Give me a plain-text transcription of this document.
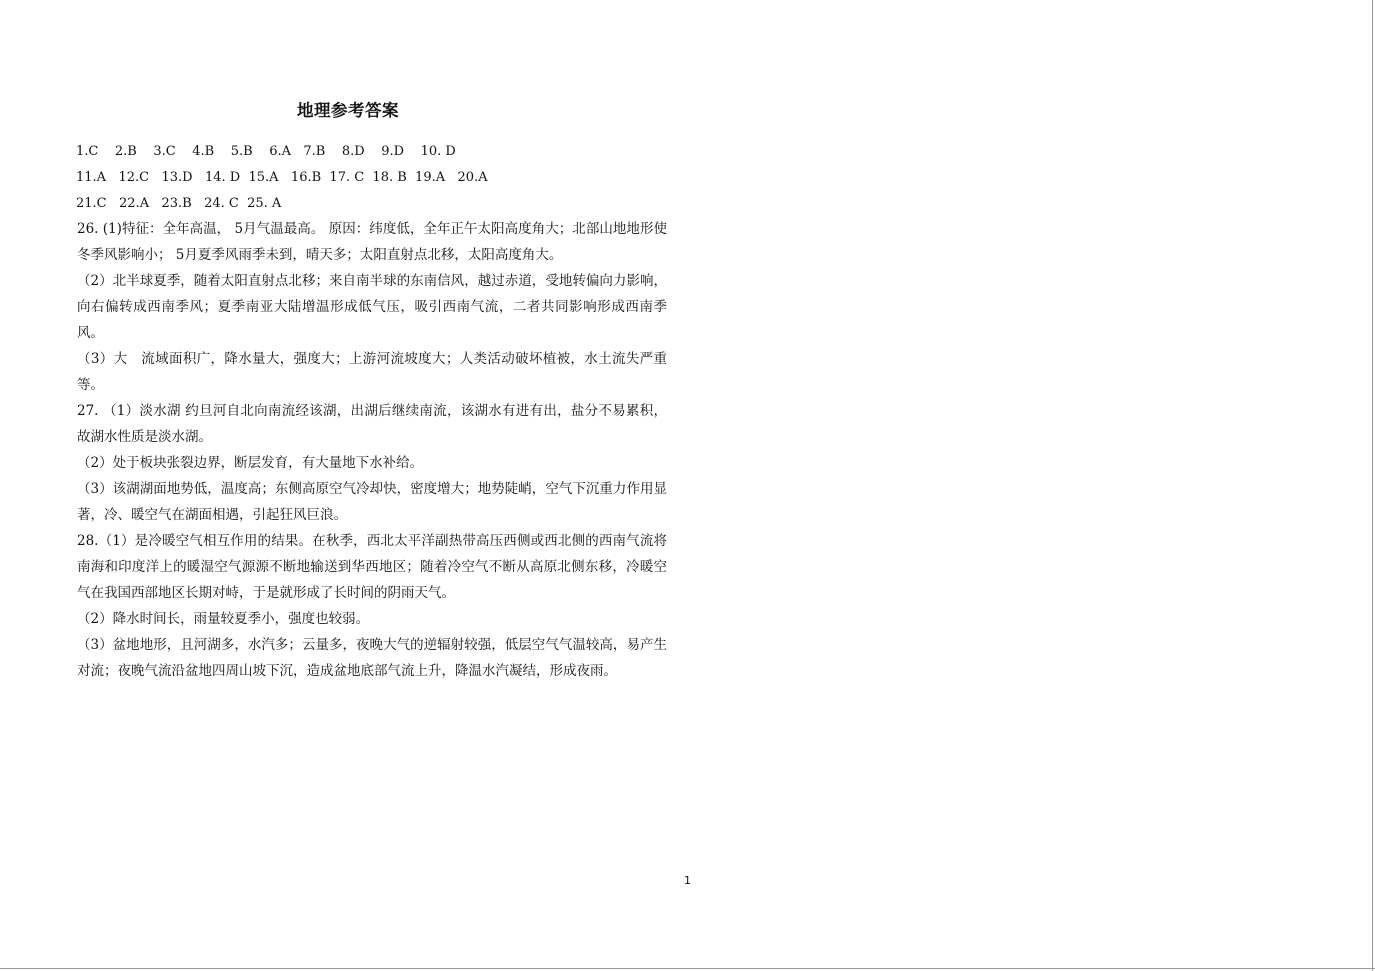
地理参考答案
1.C    2.B    3.C    4.B    5.B    6.A   7.B    8.D    9.D    10. D
11.A   12.C   13.D   14. D  15.A   16.B  17. C  18. B  19.A   20.A
21.C   22.A   23.B   24. C  25. A

26. (1)特征：全年高温， 5月气温最高。 原因：纬度低，全年正午太阳高度角大；北部山地地形使冬季风影响小； 5月夏季风雨季未到，晴天多；太阳直射点北移，太阳高度角大。

（2）北半球夏季，随着太阳直射点北移；来自南半球的东南信风，越过赤道，受地转偏向力影响，向右偏转成西南季风；夏季南亚大陆增温形成低气压，吸引西南气流，二者共同影响形成西南季风。

（3）大　流域面积广，降水量大，强度大；上游河流坡度大；人类活动破坏植被，水土流失严重等。

27. （1）淡水湖 约旦河自北向南流经该湖，出湖后继续南流，该湖水有进有出，盐分不易累积，故湖水性质是淡水湖。

（2）处于板块张裂边界，断层发育，有大量地下水补给。

（3）该湖湖面地势低，温度高；东侧高原空气冷却快，密度增大；地势陡峭，空气下沉重力作用显著，冷、暖空气在湖面相遇，引起狂风巨浪。

28.（1）是冷暖空气相互作用的结果。在秋季，西北太平洋副热带高压西侧或西北侧的西南气流将南海和印度洋上的暖湿空气源源不断地输送到华西地区；随着冷空气不断从高原北侧东移，冷暖空气在我国西部地区长期对峙，于是就形成了长时间的阴雨天气。

（2）降水时间长，雨量较夏季小，强度也较弱。

（3）盆地地形，且河湖多，水汽多；云量多，夜晚大气的逆辐射较强，低层空气气温较高，易产生对流；夜晚气流沿盆地四周山坡下沉，造成盆地底部气流上升，降温水汽凝结，形成夜雨。

1
